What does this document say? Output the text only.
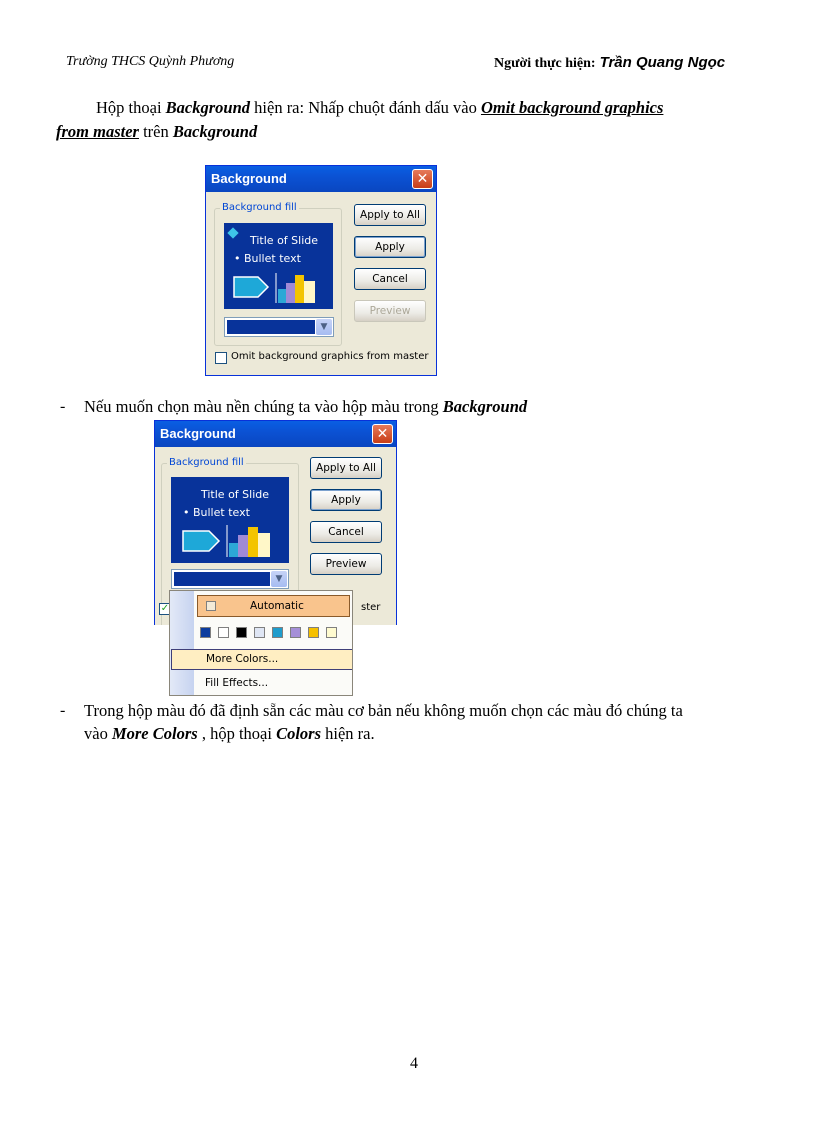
Trường THCS Quỳnh Phương	Người thực hiện: Trần Quang Ngọc
Hộp thoại Background hiện ra: Nhấp chuột đánh dấu vào Omit background graphics
from master trên Background
Background	✕
Background fill
Title of Slide
• Bullet text
▼
Omit background graphics from master
Apply to All
Apply
Cancel
Preview
- Nếu muốn chọn màu nền chúng ta vào hộp màu trong Background
Background	✕
Background fill
Title of Slide
• Bullet text
▼
✓	ster
Apply to All
Apply
Cancel
Preview
Automatic
More Colors...
Fill Effects...
- Trong hộp màu đó đã định sẵn các màu cơ bản nếu không muốn chọn các màu đó chúng ta
vào More Colors , hộp thoại Colors hiện ra.
4
